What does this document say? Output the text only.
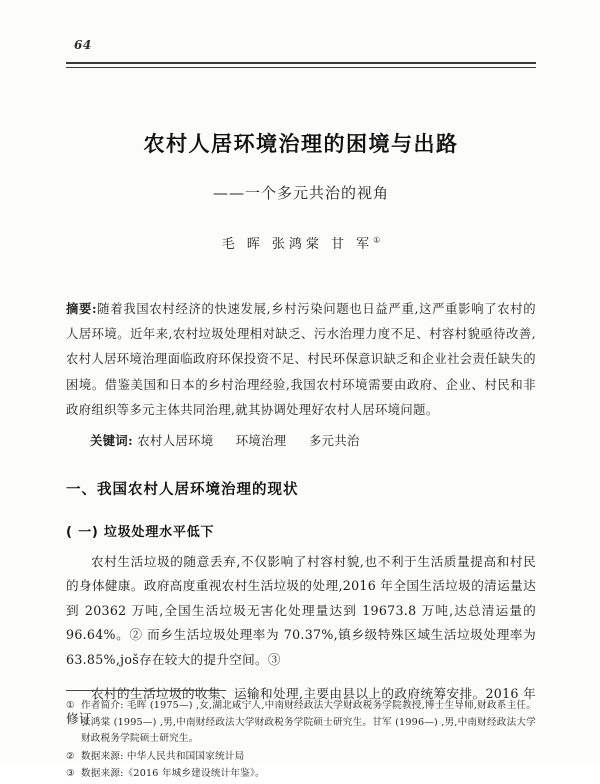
64
农村人居环境治理的困境与出路
——一个多元共治的视角
毛 晖 张鸿棠 甘 军①
摘要:随着我国农村经济的快速发展,乡村污染问题也日益严重,这严重影响了农村的人居环境。近年来,农村垃圾处理相对缺乏、污水治理力度不足、村容村貌亟待改善,农村人居环境治理面临政府环保投资不足、村民环保意识缺乏和企业社会责任缺失的困境。借鉴美国和日本的乡村治理经验,我国农村环境需要由政府、企业、村民和非政府组织等多元主体共同治理,就其协调处理好农村人居环境问题。
关键词: 农村人居环境 环境治理 多元共治
一、我国农村人居环境治理的现状
( 一) 垃圾处理水平低下
农村生活垃圾的随意丢弃,不仅影响了村容村貌,也不利于生活质量提高和村民的身体健康。政府高度重视农村生活垃圾的处理,2016 年全国生活垃圾的清运量达到 20362 万吨,全国生活垃圾无害化处理量达到 19673.8 万吨,达总清运量的 96.64%。② 而乡生活垃圾处理率为 70.37%,镇乡级特殊区域生活垃圾处理率为 63.85%,još存在较大的提升空间。③
农村的生活垃圾的收集、运输和处理,主要由县以上的政府统筹安排。2016 年修订
① 作者简介: 毛晖 (1975—) ,女,湖北咸宁人,中南财经政法大学财政税务学院教授,博士生导师,财政系主任。张鸿棠 (1995—) ,男,中南财经政法大学财政税务学院硕士研究生。甘军 (1996—) ,男,中南财经政法大学财政税务学院硕士研究生。
② 数据来源: 中华人民共和国国家统计局
③ 数据来源:《2016 年城乡建设统计年鉴》。
